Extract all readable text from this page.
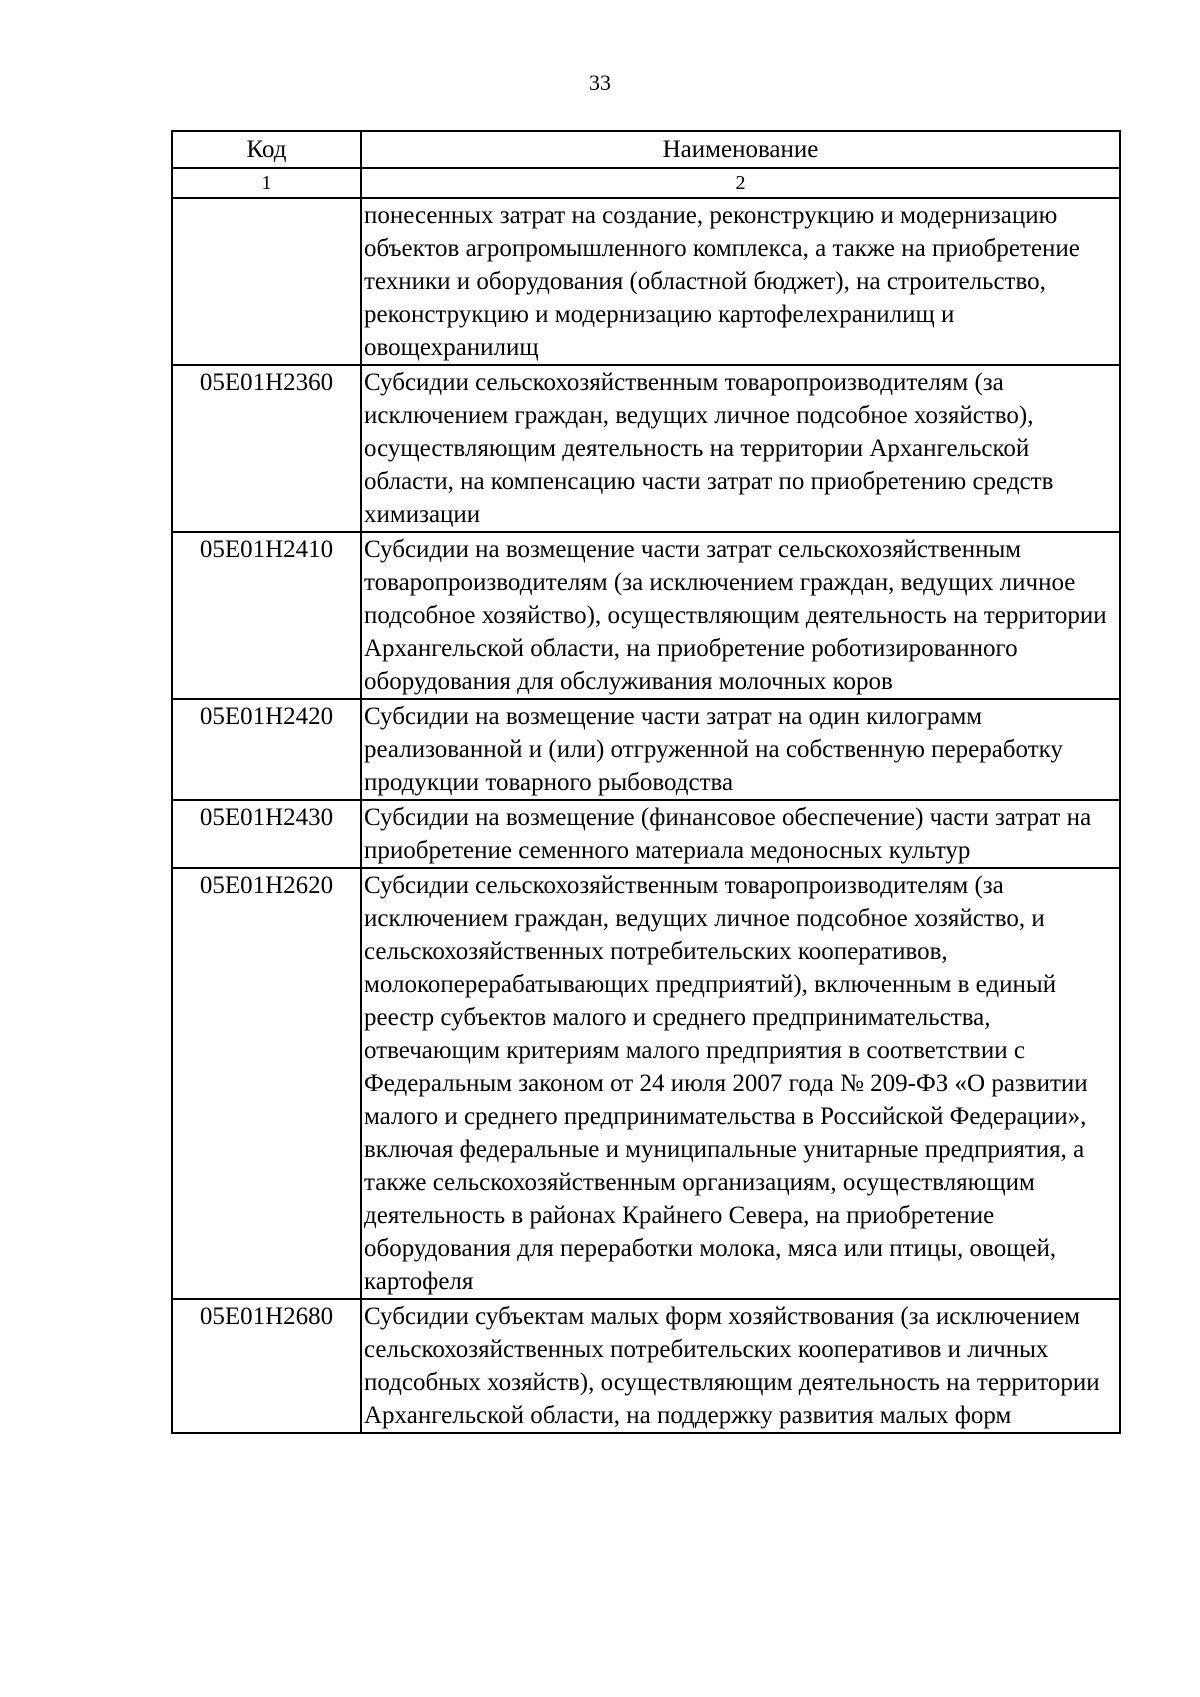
33
Код	Наименование
1	2
	понесенных затрат на создание, реконструкцию и модернизацию объектов агропромышленного комплекса, а также на приобретение техники и оборудования (областной бюджет), на строительство, реконструкцию и модернизацию картофелехранилищ и овощехранилищ
05Е01Н2360	Субсидии сельскохозяйственным товаропроизводителям (за исключением граждан, ведущих личное подсобное хозяйство), осуществляющим деятельность на территории Архангельской области, на компенсацию части затрат по приобретению средств химизации
05Е01Н2410	Субсидии на возмещение части затрат сельскохозяйственным товаропроизводителям (за исключением граждан, ведущих личное подсобное хозяйство), осуществляющим деятельность на территории Архангельской области, на приобретение роботизированного оборудования для обслуживания молочных коров
05Е01Н2420	Субсидии на возмещение части затрат на один килограмм реализованной и (или) отгруженной на собственную переработку продукции товарного рыбоводства
05Е01Н2430	Субсидии на возмещение (финансовое обеспечение) части затрат на приобретение семенного материала медоносных культур
05Е01Н2620	Субсидии сельскохозяйственным товаропроизводителям (за исключением граждан, ведущих личное подсобное хозяйство, и сельскохозяйственных потребительских кооперативов, молокоперерабатывающих предприятий), включенным в единый реестр субъектов малого и среднего предпринимательства, отвечающим критериям малого предприятия в соответствии с Федеральным законом от 24 июля 2007 года № 209-ФЗ «О развитии малого и среднего предпринимательства в Российской Федерации», включая федеральные и муниципальные унитарные предприятия, а также сельскохозяйственным организациям, осуществляющим деятельность в районах Крайнего Севера, на приобретение оборудования для переработки молока, мяса или птицы, овощей, картофеля
05Е01Н2680	Субсидии субъектам малых форм хозяйствования (за исключением сельскохозяйственных потребительских кооперативов и личных подсобных хозяйств), осуществляющим деятельность на территории Архангельской области, на поддержку развития малых форм
